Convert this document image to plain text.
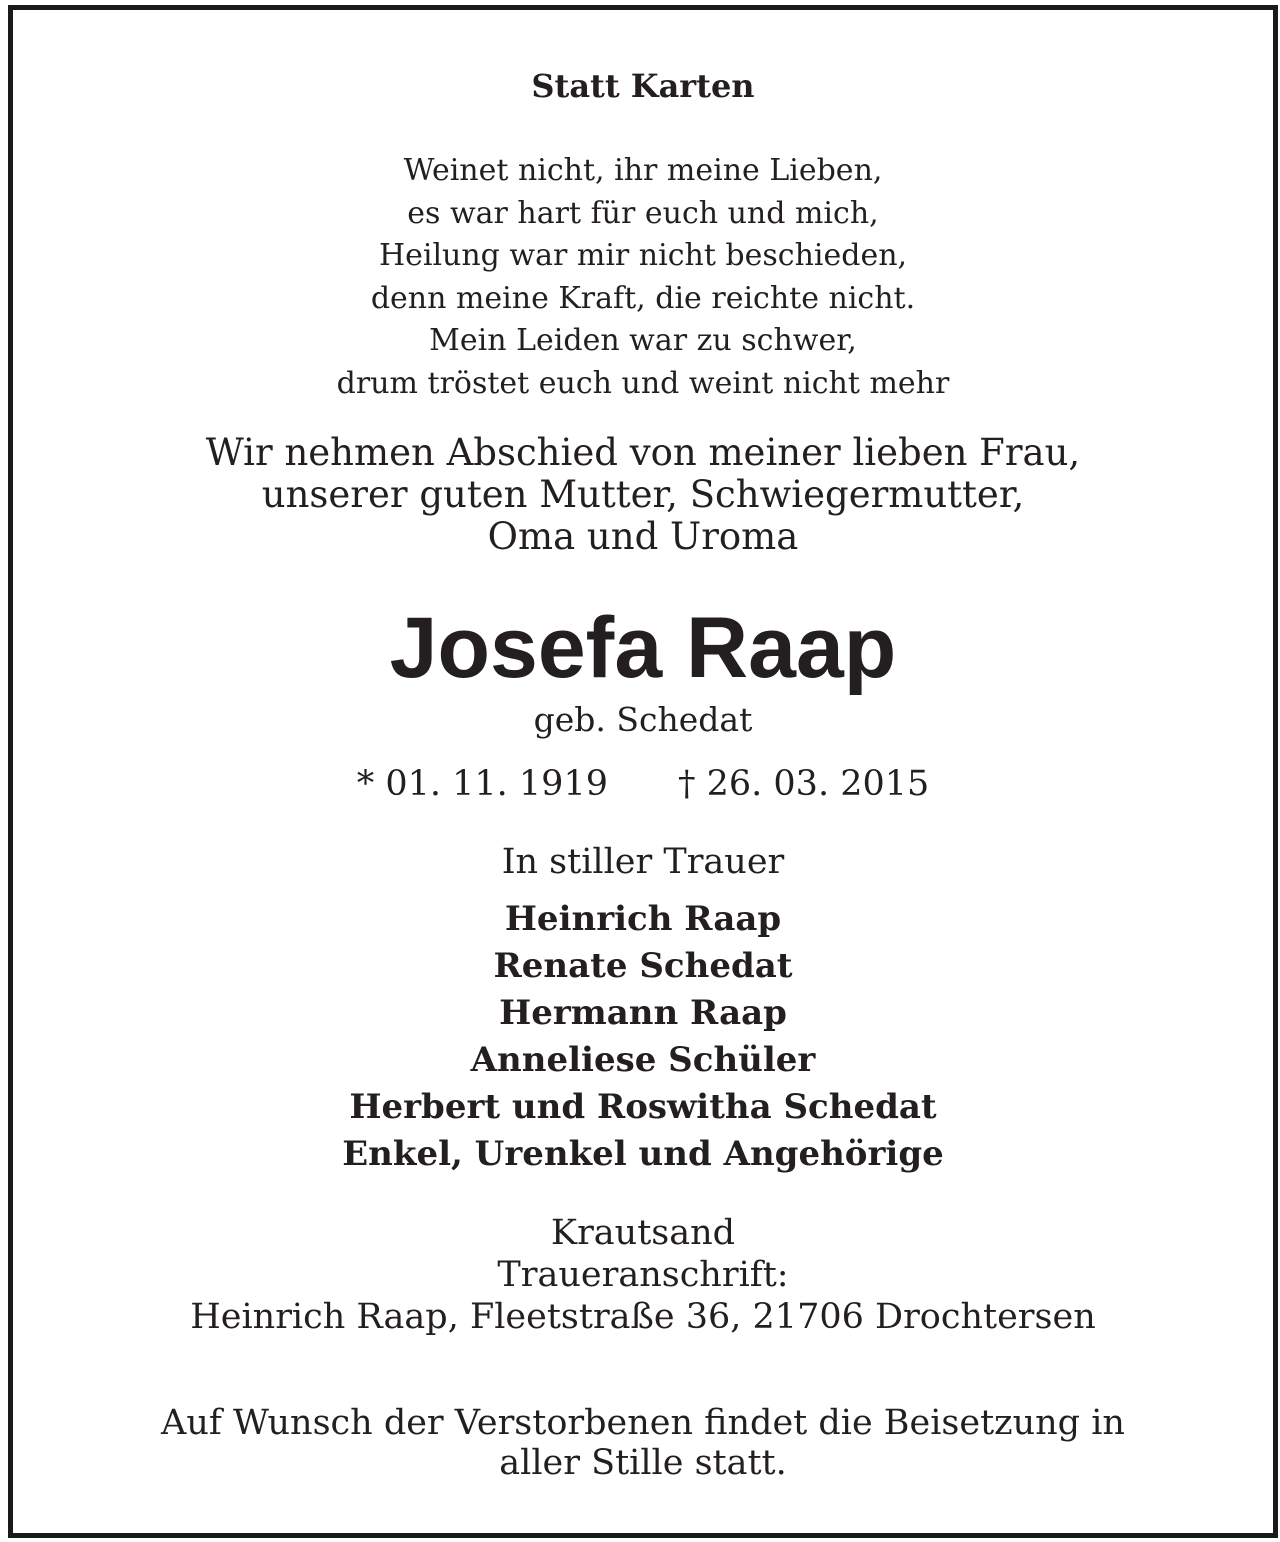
Statt Karten
Weinet nicht, ihr meine Lieben,
es war hart für euch und mich,
Heilung war mir nicht beschieden,
denn meine Kraft, die reichte nicht.
Mein Leiden war zu schwer,
drum tröstet euch und weint nicht mehr
Wir nehmen Abschied von meiner lieben Frau,
unserer guten Mutter, Schwiegermutter,
Oma und Uroma
Josefa Raap
geb. Schedat
* 01. 11. 1919 † 26. 03. 2015
In stiller Trauer
Heinrich Raap
Renate Schedat
Hermann Raap
Anneliese Schüler
Herbert und Roswitha Schedat
Enkel, Urenkel und Angehörige
Krautsand
Traueranschrift:
Heinrich Raap, Fleetstraße 36, 21706 Drochtersen
Auf Wunsch der Verstorbenen findet die Beisetzung in
aller Stille statt.
